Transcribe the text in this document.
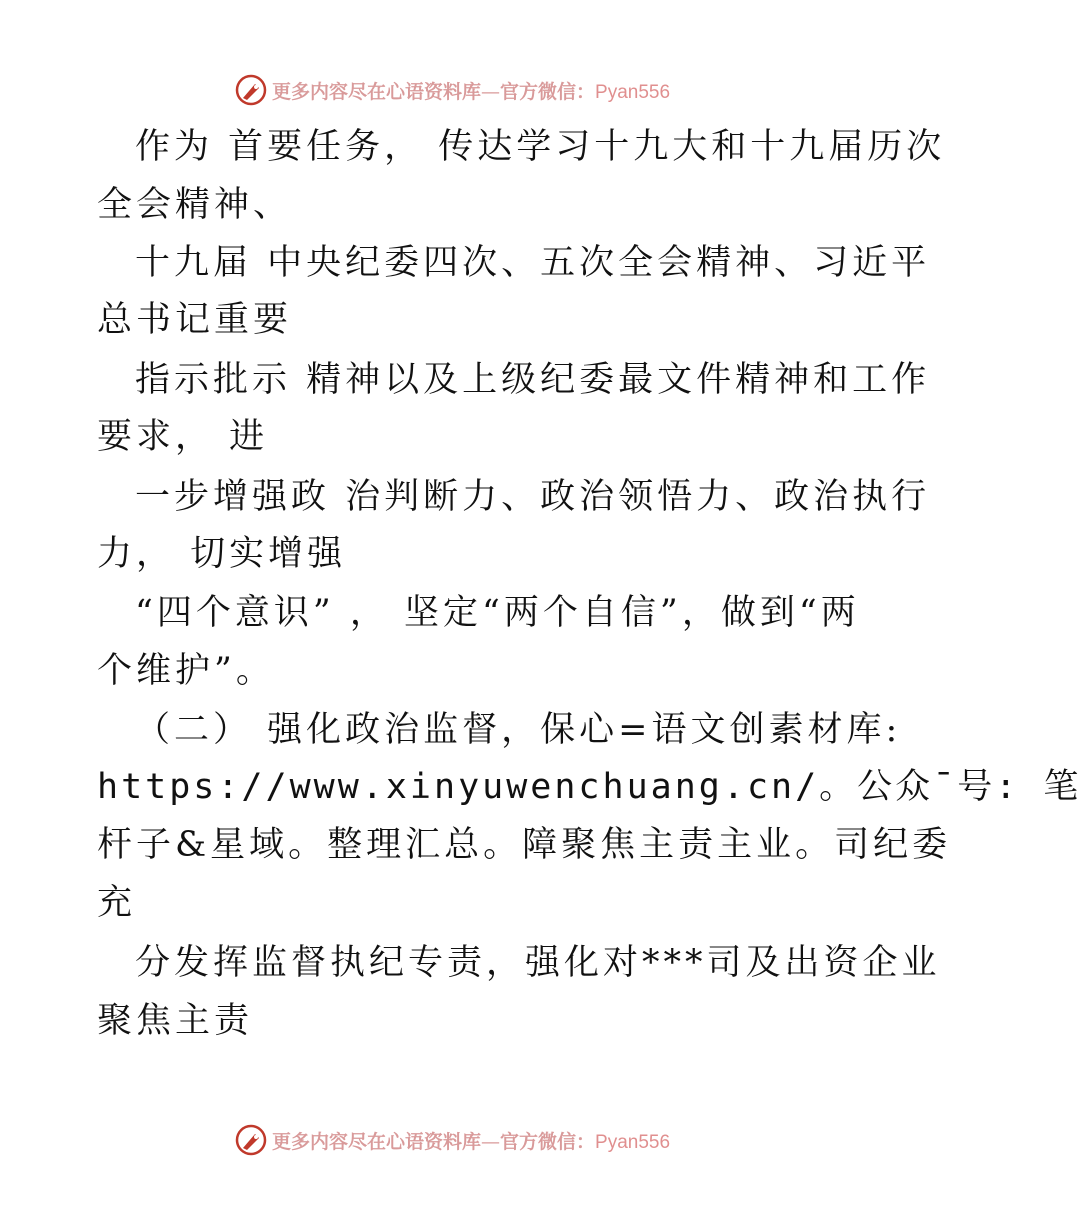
更多内容尽在心语资料库—官方微信：Pyan556
作为 首要任务， 传达学习十九大和十九届历次
全会精神、
十九届 中央纪委四次、五次全会精神、习近平
总书记重要
指示批示 精神以及上级纪委最文件精神和工作
要求， 进
一步增强政 治判断力、政治领悟力、政治执行
力， 切实增强
“四个意识” ， 坚定“两个自信”，做到“两
个维护”。
（二） 强化政治监督，保心=语文创素材库:
https://www.xinyuwenchuang.cn/。公众¯号: 笔
杆子&星域。整理汇总。障聚焦主责主业。司纪委
充
分发挥监督执纪专责，强化对***司及出资企业
聚焦主责
更多内容尽在心语资料库—官方微信：Pyan556
